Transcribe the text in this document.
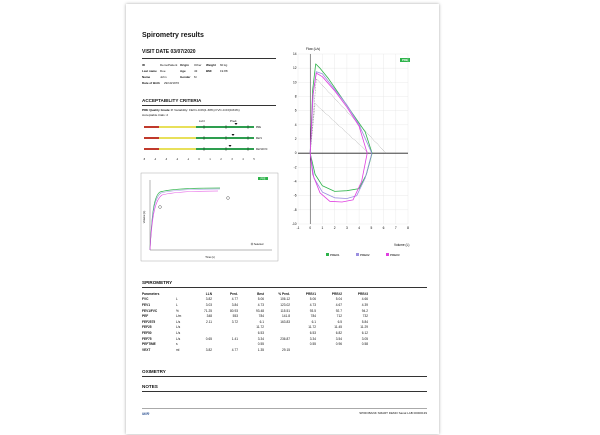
Spirometry results
VISIT DATE 03/07/2020
ID	DemoPatient Origin	Other	Weight	60 kg
Last name	Doe	Age	43	BMI	19.88
Name	John	Gender	M
Date of Birth	29/10/1976
ACCEPTABILITY CRITERIA
PRE Quality Grade: F Variability: FEV1-0.06(1.38%) FVC-0.03(0.84%)
Acceptable trials: 2
LLN	Pred.
PRE
FEV1
FEV1/FVC
-5	-4	-3	-2	-1	0	1	2	3	4	5
PRE
Selected
Time (s)
Volume (L)
Flow (L/s)
PRE
14
12
10
8
6
4
2
0
-2
-4
-6
-8
-10
-1	0	1	2	3	4	5	6	7	8
Volume (L)
PRE#1	PRE#2	PRE#3
SPIROMETRY
Parameters		LLN	Pred.	Best	% Pred.	PRE#1	PRE#2	PRE#3
FVC	L	3.82	4.77	5.06	106.12	5.06	5.04	4.66
FEV1	L	3.03	3.84	4.73	123.02	4.73	4.67	4.39
FEV1/FVC	%	71.25	80.93	93.48	115.51	93.5	92.7	94.2
PEF	L/m	348	553	784	141.8	784	712	732
FEF2575	L/s	2.11	3.72	6.1	163.83	6.1	6.5	5.84
FEF25	L/s			11.72		11.72	11.45	11.29
FEF50	L/s			6.53		6.53	6.82	6.12
FEF75	L/s	0.65	1.41	3.34	236.87	3.34	3.54	3.05
PEFTIME	s			0.55		0.55	0.96	0.58
VEXT	ml	3.82	4.77	1.35	29.15			
OXIMETRY
NOTES
MIR	SPIROBANK SMART DEMO Sanal LAB 00000139
